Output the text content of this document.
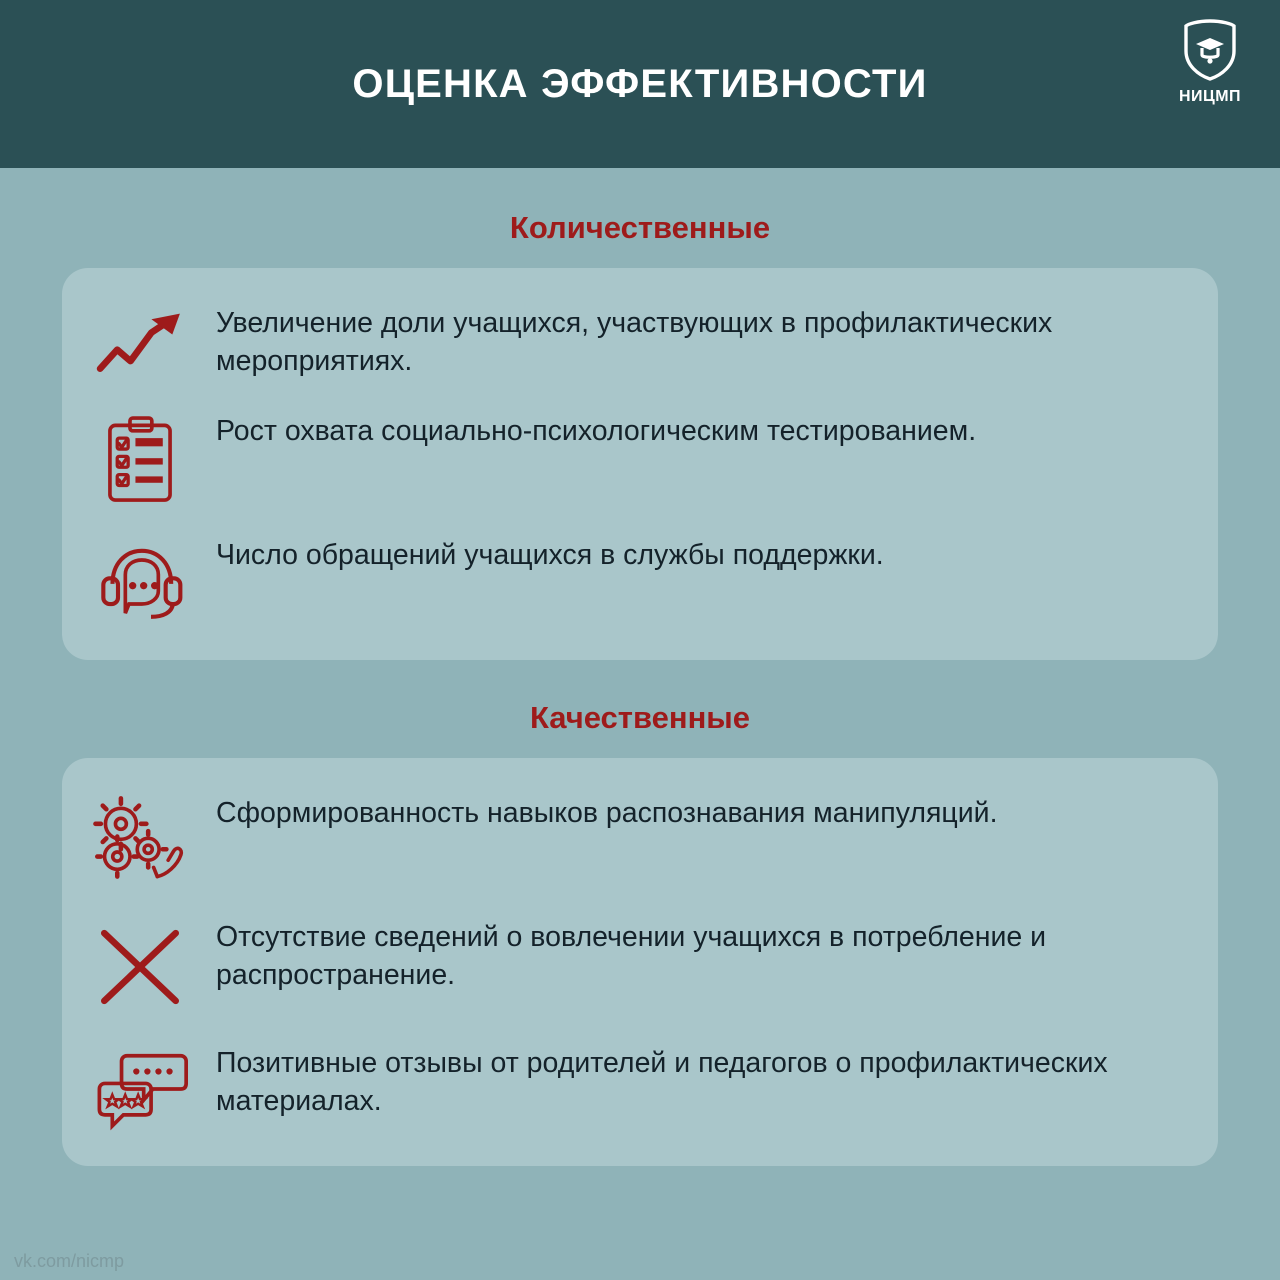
ОЦЕНКА ЭФФЕКТИВНОСТИ	НИЦМП
Количественные
Увеличение доли учащихся, участвующих в профилактических мероприятиях.
Рост охвата социально-психологическим тестированием.
Число обращений учащихся в службы поддержки.
Качественные
Сформированность навыков распознавания манипуляций.
Отсутствие сведений о вовлечении учащихся в потребление и распространение.
Позитивные отзывы от родителей и педагогов о профилактических материалах.
vk.com/nicmp
